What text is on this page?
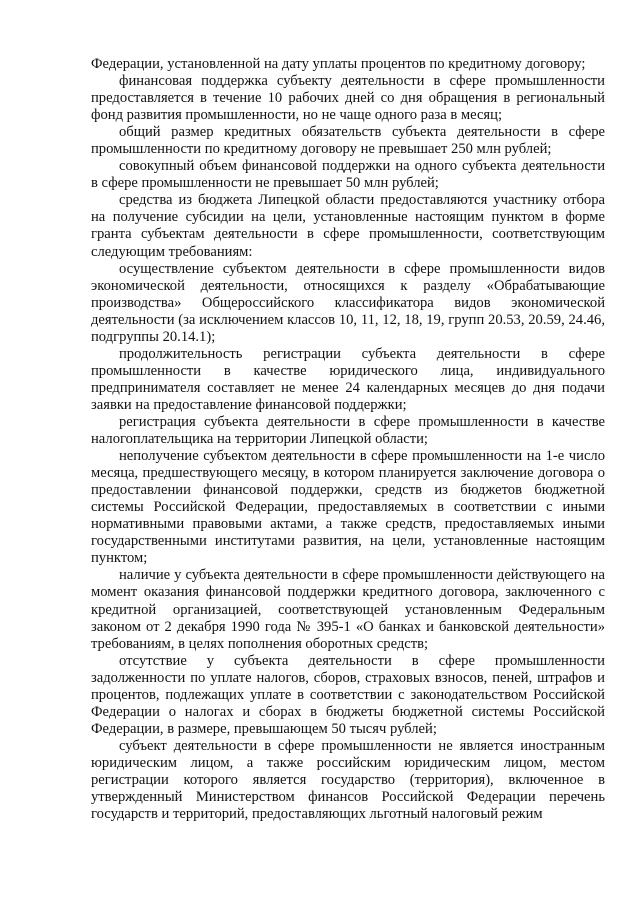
Федерации, установленной на дату уплаты процентов по кредитному договору;

финансовая поддержка субъекту деятельности в сфере промышленности предоставляется в течение 10 рабочих дней со дня обращения в региональный фонд развития промышленности, но не чаще одного раза в месяц;

общий размер кредитных обязательств субъекта деятельности в сфере промышленности по кредитному договору не превышает 250 млн рублей;

совокупный объем финансовой поддержки на одного субъекта деятельности в сфере промышленности не превышает 50 млн рублей;

средства из бюджета Липецкой области предоставляются участнику отбора на получение субсидии на цели, установленные настоящим пунктом в форме гранта субъектам деятельности в сфере промышленности, соответствующим следующим требованиям:

осуществление субъектом деятельности в сфере промышленности видов экономической деятельности, относящихся к разделу «Обрабатывающие производства» Общероссийского классификатора видов экономической деятельности (за исключением классов 10, 11, 12, 18, 19, групп 20.53, 20.59, 24.46, подгруппы 20.14.1);

продолжительность регистрации субъекта деятельности в сфере промышленности в качестве юридического лица, индивидуального предпринимателя составляет не менее 24 календарных месяцев до дня подачи заявки на предоставление финансовой поддержки;

регистрация субъекта деятельности в сфере промышленности в качестве налогоплательщика на территории Липецкой области;

неполучение субъектом деятельности в сфере промышленности на 1-е число месяца, предшествующего месяцу, в котором планируется заключение договора о предоставлении финансовой поддержки, средств из бюджетов бюджетной системы Российской Федерации, предоставляемых в соответствии с иными нормативными правовыми актами, а также средств, предоставляемых иными государственными институтами развития, на цели, установленные настоящим пунктом;

наличие у субъекта деятельности в сфере промышленности действующего на момент оказания финансовой поддержки кредитного договора, заключенного с кредитной организацией, соответствующей установленным Федеральным законом от 2 декабря 1990 года № 395-1 «О банках и банковской деятельности» требованиям, в целях пополнения оборотных средств;

отсутствие у субъекта деятельности в сфере промышленности задолженности по уплате налогов, сборов, страховых взносов, пеней, штрафов и процентов, подлежащих уплате в соответствии с законодательством Российской Федерации о налогах и сборах в бюджеты бюджетной системы Российской Федерации, в размере, превышающем 50 тысяч рублей;

субъект деятельности в сфере промышленности не является иностранным юридическим лицом, а также российским юридическим лицом, местом регистрации которого является государство (территория), включенное в утвержденный Министерством финансов Российской Федерации перечень государств и территорий, предоставляющих льготный налоговый режим
